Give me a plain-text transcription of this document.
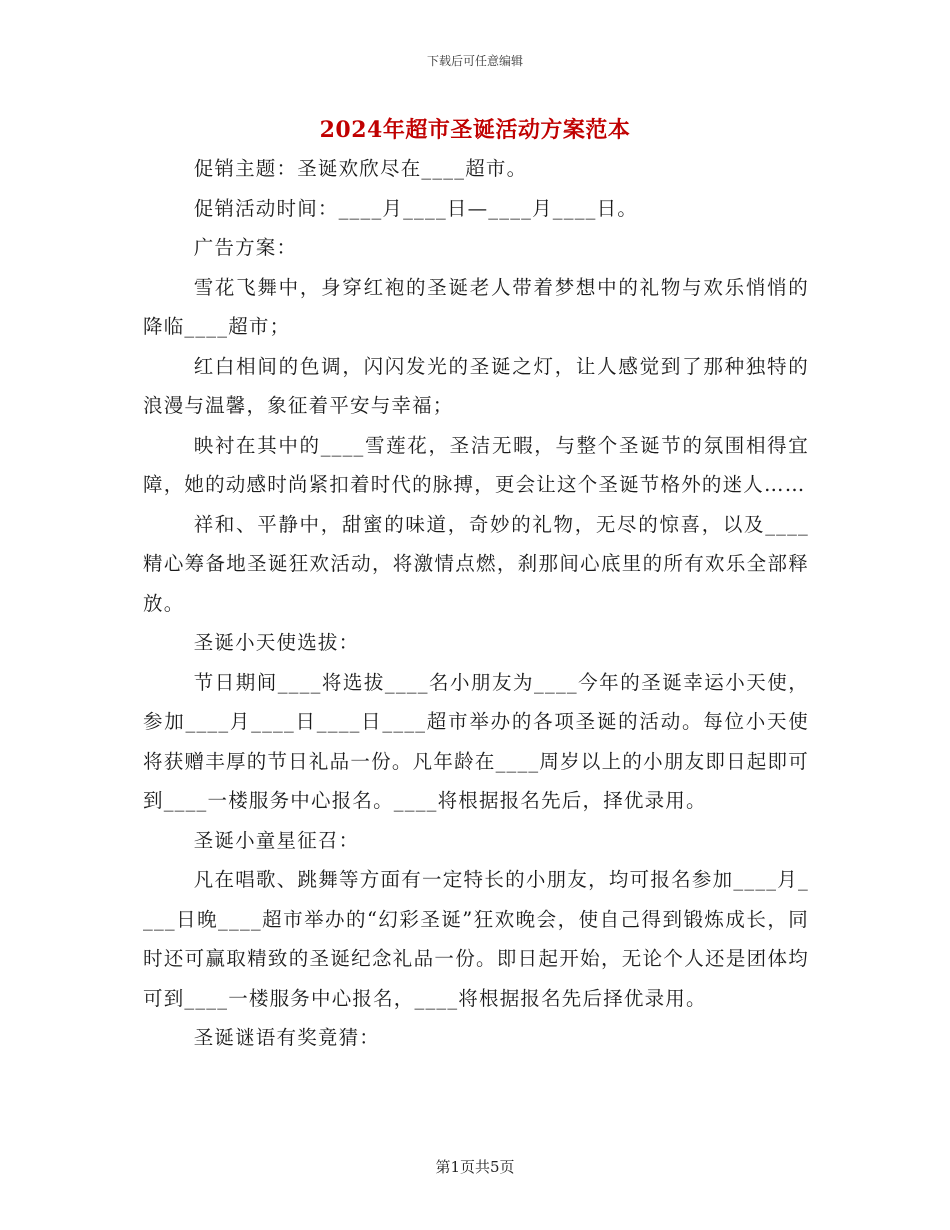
下载后可任意编辑
2024年超市圣诞活动方案范本

促销主题：圣诞欢欣尽在____超市。

促销活动时间：____月____日—____月____日。

广告方案：

雪花飞舞中，身穿红袍的圣诞老人带着梦想中的礼物与欢乐悄悄的降临____超市；

红白相间的色调，闪闪发光的圣诞之灯，让人感觉到了那种独特的浪漫与温馨，象征着平安与幸福；

映衬在其中的____雪莲花，圣洁无暇，与整个圣诞节的氛围相得宜障，她的动感时尚紧扣着时代的脉搏，更会让这个圣诞节格外的迷人……

祥和、平静中，甜蜜的味道，奇妙的礼物，无尽的惊喜，以及____精心筹备地圣诞狂欢活动，将激情点燃，刹那间心底里的所有欢乐全部释放。

圣诞小天使选拔：

节日期间____将选拔____名小朋友为____今年的圣诞幸运小天使，参加____月____日____日____超市举办的各项圣诞的活动。每位小天使将获赠丰厚的节日礼品一份。凡年龄在____周岁以上的小朋友即日起即可到____一楼服务中心报名。____将根据报名先后，择优录用。

圣诞小童星征召：

凡在唱歌、跳舞等方面有一定特长的小朋友，均可报名参加____月____日晚____超市举办的“幻彩圣诞”狂欢晚会，使自己得到锻炼成长，同时还可赢取精致的圣诞纪念礼品一份。即日起开始，无论个人还是团体均可到____一楼服务中心报名，____将根据报名先后择优录用。

圣诞谜语有奖竟猜：

第1页共5页
